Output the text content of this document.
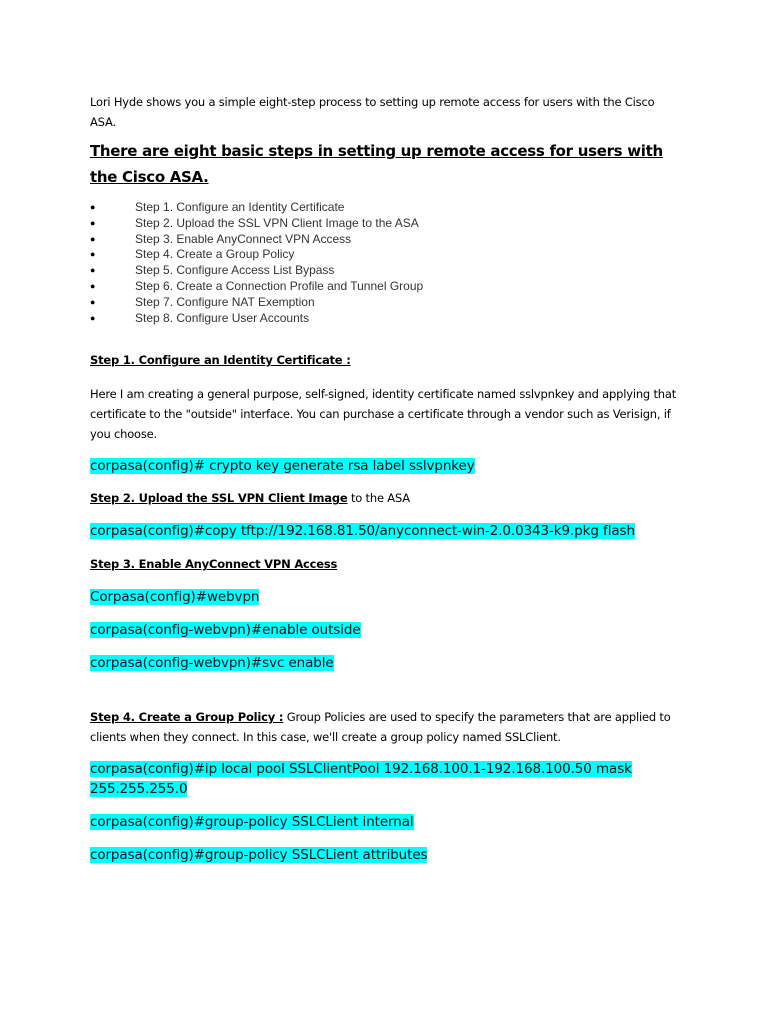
Lori Hyde shows you a simple eight-step process to setting up remote access for users with the Cisco ASA.

There are eight basic steps in setting up remote access for users with the Cisco ASA.
●	Step 1. Configure an Identity Certificate
●	Step 2. Upload the SSL VPN Client Image to the ASA
●	Step 3. Enable AnyConnect VPN Access
●	Step 4. Create a Group Policy
●	Step 5. Configure Access List Bypass
●	Step 6. Create a Connection Profile and Tunnel Group
●	Step 7. Configure NAT Exemption
●	Step 8. Configure User Accounts

Step 1. Configure an Identity Certificate :

Here I am creating a general purpose, self-signed, identity certificate named sslvpnkey and applying that certificate to the "outside" interface. You can purchase a certificate through a vendor such as Verisign, if you choose.

corpasa(config)# crypto key generate rsa label sslvpnkey

Step 2. Upload the SSL VPN Client Image to the ASA

corpasa(config)#copy tftp://192.168.81.50/anyconnect-win-2.0.0343-k9.pkg flash

Step 3. Enable AnyConnect VPN Access

Corpasa(config)#webvpn

corpasa(config-webvpn)#enable outside

corpasa(config-webvpn)#svc enable

Step 4. Create a Group Policy : Group Policies are used to specify the parameters that are applied to clients when they connect. In this case, we'll create a group policy named SSLClient.

corpasa(config)#ip local pool SSLClientPool 192.168.100.1-192.168.100.50 mask 255.255.255.0

corpasa(config)#group-policy SSLCLient internal

corpasa(config)#group-policy SSLCLient attributes
